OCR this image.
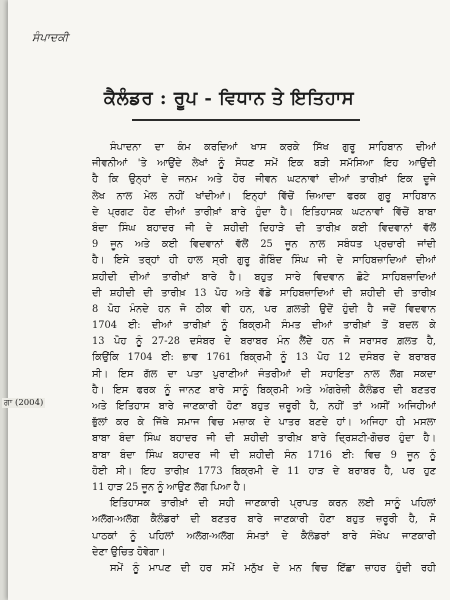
ਸੰਪਾਦਕੀ
ਕੈਲੰਡਰ : ਰੂਪ - ਵਿਧਾਨ ਤੇ ਇਤਿਹਾਸ
ਸੰਪਾਦਨਾ ਦਾ ਕੰਮ ਕਰਦਿਆਂ ਖਾਸ ਕਰਕੇ ਸਿੱਖ ਗੁਰੂ ਸਾਹਿਬਾਨ ਦੀਆਂ
ਜੀਵਨੀਆਂ 'ਤੇ ਆਉਂਦੇ ਲੇਖਾਂ ਨੂੰ ਸੋਧਣ ਸਮੇਂ ਇਕ ਬੜੀ ਸਮੱਸਿਆ ਇਹ ਆਉਂਦੀ
ਹੈ ਕਿ ਉਨ੍ਹਾਂ ਦੇ ਜਨਮ ਅਤੇ ਹੋਰ ਜੀਵਨ ਘਟਨਾਵਾਂ ਦੀਆਂ ਤਾਰੀਖ਼ਾਂ ਇਕ ਦੂਜੇ
ਲੇਖ ਨਾਲ ਮੇਲ ਨਹੀਂ ਖਾਂਦੀਆਂ। ਇਨ੍ਹਾਂ ਵਿੱਚੋਂ ਜ਼ਿਆਦਾ ਫਰਕ ਗੁਰੂ ਸਾਹਿਬਾਨ
ਦੇ ਪ੍ਰਗਟ ਹੋਣ ਦੀਆਂ ਤਾਰੀਖ਼ਾਂ ਬਾਰੇ ਹੁੰਦਾ ਹੈ। ਇਤਿਹਾਸਕ ਘਟਨਾਵਾਂ ਵਿੱਚੋਂ ਬਾਬਾ
ਬੰਦਾ ਸਿੰਘ ਬਹਾਦਰ ਜੀ ਦੇ ਸ਼ਹੀਦੀ ਦਿਹਾੜੇ ਦੀ ਤਾਰੀਖ਼ ਕਈ ਵਿਦਵਾਨਾਂ ਵੱਲੋਂ
9 ਜੂਨ ਅਤੇ ਕਈ ਵਿਦਵਾਨਾਂ ਵੱਲੋਂ 25 ਜੂਨ ਨਾਲ ਸਬੰਧਤ ਪ੍ਰਚਾਰੀ ਜਾਂਦੀ
ਹੈ। ਇਸੇ ਤਰ੍ਹਾਂ ਹੀ ਹਾਲ ਸ੍ਰੀ ਗੁਰੂ ਗੋਬਿੰਦ ਸਿੰਘ ਜੀ ਦੇ ਸਾਹਿਬਜ਼ਾਦਿਆਂ ਦੀਆਂ
ਸ਼ਹੀਦੀ ਦੀਆਂ ਤਾਰੀਖ਼ਾਂ ਬਾਰੇ ਹੈ। ਬਹੁਤ ਸਾਰੇ ਵਿਦਵਾਨ ਛੋਟੇ ਸਾਹਿਬਜ਼ਾਦਿਆਂ
ਦੀ ਸ਼ਹੀਦੀ ਦੀ ਤਾਰੀਖ਼ 13 ਪੋਹ ਅਤੇ ਵੱਡੇ ਸਾਹਿਬਜ਼ਾਦਿਆਂ ਦੀ ਸ਼ਹੀਦੀ ਦੀ ਤਾਰੀਖ਼
8 ਪੋਹ ਮੰਨਦੇ ਹਨ ਜੋ ਠੀਕ ਵੀ ਹਨ, ਪਰ ਗ਼ਲਤੀ ਉਦੋਂ ਹੁੰਦੀ ਹੈ ਜਦੋਂ ਵਿਦਵਾਨ
1704 ਈ: ਦੀਆਂ ਤਾਰੀਖ਼ਾਂ ਨੂੰ ਬਿਕ੍ਰਮੀ ਸੰਮਤ ਦੀਆਂ ਤਾਰੀਖ਼ਾਂ ਤੋਂ ਬਦਲ ਕੇ
13 ਪੋਹ ਨੂੰ 27-28 ਦਸੰਬਰ ਦੇ ਬਰਾਬਰ ਮੰਨ ਲੈਂਦੇ ਹਨ ਜੋ ਸਰਾਸਰ ਗ਼ਲਤ ਹੈ,
ਕਿਉਂਕਿ 1704 ਈ: ਭਾਵ 1761 ਬਿਕ੍ਰਮੀ ਨੂੰ 13 ਪੋਹ 12 ਦਸੰਬਰ ਦੇ ਬਰਾਬਰ
ਸੀ। ਇਸ ਗੱਲ ਦਾ ਪਤਾ ਪੁਰਾਣੀਆਂ ਜੰਤਰੀਆਂ ਦੀ ਸਹਾਇਤਾ ਨਾਲ ਲੱਗ ਸਕਦਾ
ਹੈ। ਇਸ ਫਰਕ ਨੂੰ ਜਾਨਣ ਬਾਰੇ ਸਾਨੂੰ ਬਿਕ੍ਰਮੀ ਅਤੇ ਅੰਗਰੇਜ਼ੀ ਕੈਲੰਡਰ ਦੀ ਬਣਤਰ
ਅਤੇ ਇਤਿਹਾਸ ਬਾਰੇ ਜਾਣਕਾਰੀ ਹੋਣਾ ਬਹੁਤ ਜ਼ਰੂਰੀ ਹੈ, ਨਹੀਂ ਤਾਂ ਅਸੀਂ ਅਜਿਹੀਆਂ
ਭੁੱਲਾਂ ਕਰ ਕੇ ਜਿੱਥੇ ਸਮਾਜ ਵਿਚ ਮਜ਼ਾਕ ਦੇ ਪਾਤਰ ਬਣਦੇ ਹਾਂ। ਅਜਿਹਾ ਹੀ ਮਸਲਾ
ਬਾਬਾ ਬੰਦਾ ਸਿੰਘ ਬਹਾਦਰ ਜੀ ਦੀ ਸ਼ਹੀਦੀ ਤਾਰੀਖ਼ ਬਾਰੇ ਦ੍ਰਿਸ਼ਟੀ-ਗੋਚਰ ਹੁੰਦਾ ਹੈ।
ਬਾਬਾ ਬੰਦਾ ਸਿੰਘ ਬਹਾਦਰ ਜੀ ਦੀ ਸ਼ਹੀਦੀ ਸੰਨ 1716 ਈ: ਵਿਚ 9 ਜੂਨ ਨੂੰ
ਹੋਈ ਸੀ। ਇਹ ਤਾਰੀਖ਼ 1773 ਬਿਕ੍ਰਮੀ ਦੇ 11 ਹਾੜ ਦੇ ਬਰਾਬਰ ਹੈ, ਪਰ ਹੁਣ
11 ਹਾੜ 25 ਜੂਨ ਨੂੰ ਆਉਣ ਲੱਗ ਪਿਆ ਹੈ।
ਇਤਿਹਾਸਕ ਤਾਰੀਖ਼ਾਂ ਦੀ ਸਹੀ ਜਾਣਕਾਰੀ ਪ੍ਰਾਪਤ ਕਰਨ ਲਈ ਸਾਨੂੰ ਪਹਿਲਾਂ
ਅਲੱਗ-ਅਲੱਗ ਕੈਲੰਡਰਾਂ ਦੀ ਬਣਤਰ ਬਾਰੇ ਜਾਣਕਾਰੀ ਹੋਣਾ ਬਹੁਤ ਜ਼ਰੂਰੀ ਹੈ, ਸੋ
ਪਾਠਕਾਂ ਨੂੰ ਪਹਿਲਾਂ ਅਲੱਗ-ਅਲੱਗ ਸੰਮਤਾਂ ਦੇ ਕੈਲੰਡਰਾਂ ਬਾਰੇ ਸੰਖੇਪ ਜਾਣਕਾਰੀ
ਦੇਣਾ ਉਚਿਤ ਹੋਵੇਗਾ।
ਸਮੇਂ ਨੂੰ ਮਾਪਣ ਦੀ ਹਰ ਸਮੇਂ ਮਨੁੱਖ ਦੇ ਮਨ ਵਿਚ ਇੱਛਾ ਜ਼ਾਹਰ ਹੁੰਦੀ ਰਹੀ
ਗਾ (2004)
